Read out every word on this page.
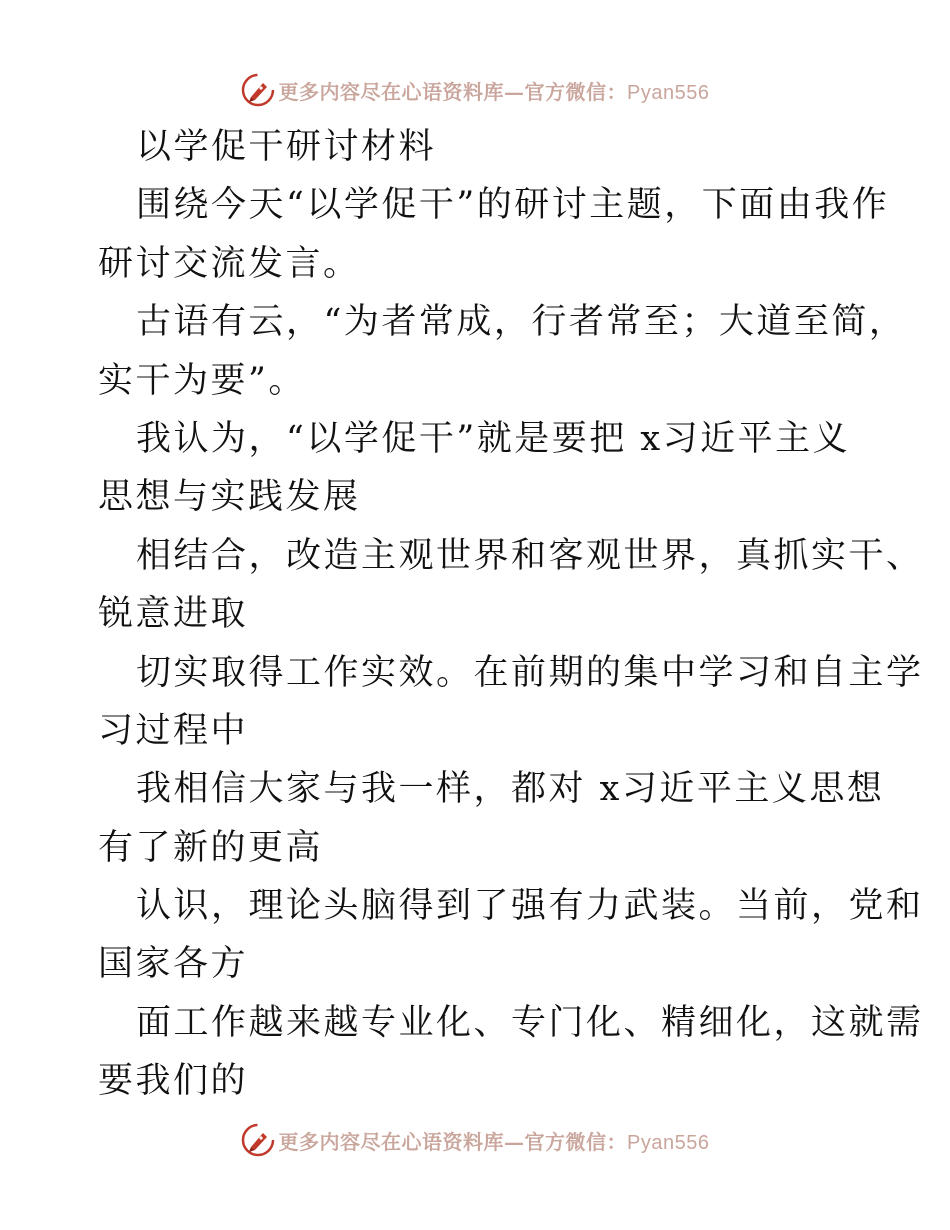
更多内容尽在心语资料库—官方微信：Pyan556
以学促干研讨材料
围绕今天“以学促干”的研讨主题，下面由我作
研讨交流发言。
古语有云，“为者常成，行者常至；大道至简，
实干为要”。
我认为，“以学促干”就是要把 x习近平主义
思想与实践发展
相结合，改造主观世界和客观世界，真抓实干、
锐意进取
切实取得工作实效。在前期的集中学习和自主学
习过程中
我相信大家与我一样，都对 x习近平主义思想
有了新的更高
认识，理论头脑得到了强有力武装。当前，党和
国家各方
面工作越来越专业化、专门化、精细化，这就需
要我们的
更多内容尽在心语资料库—官方微信：Pyan556
